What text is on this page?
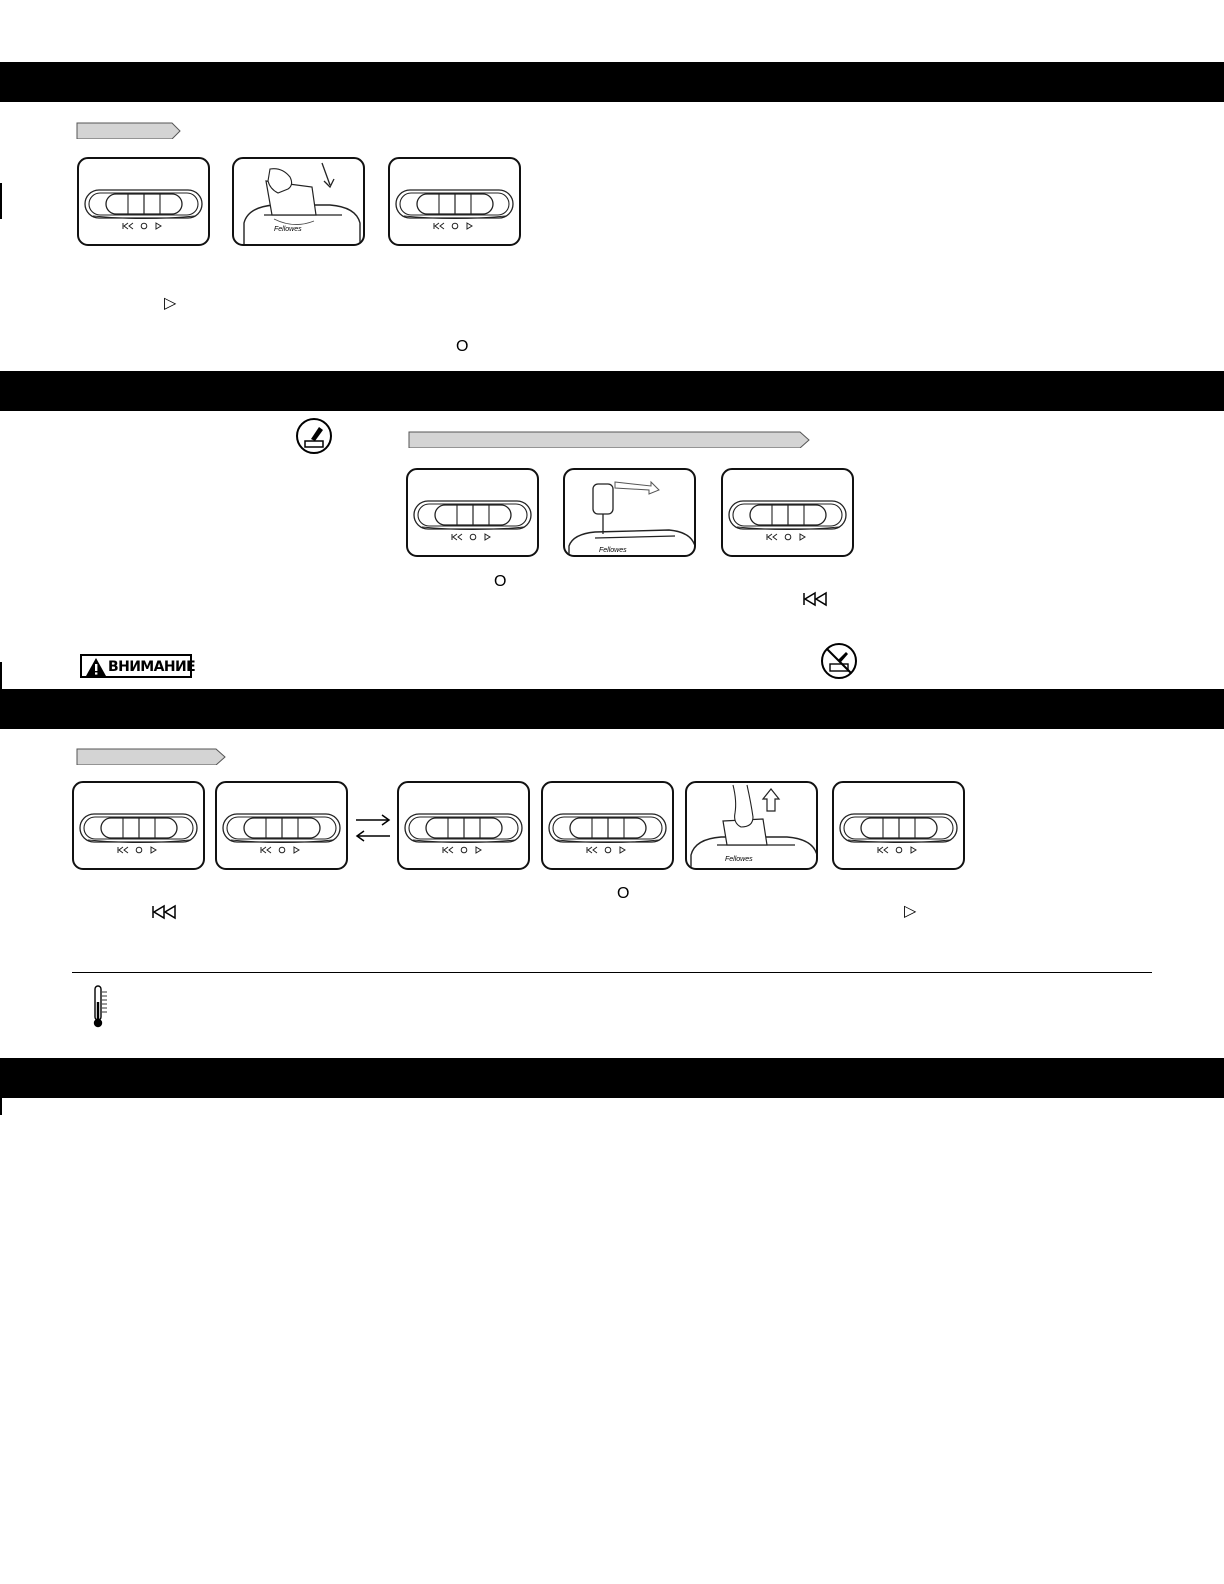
Fellowes
▷
O
Fellowes
O
ВНИМАНИЕ
Fellowes
O
▷
